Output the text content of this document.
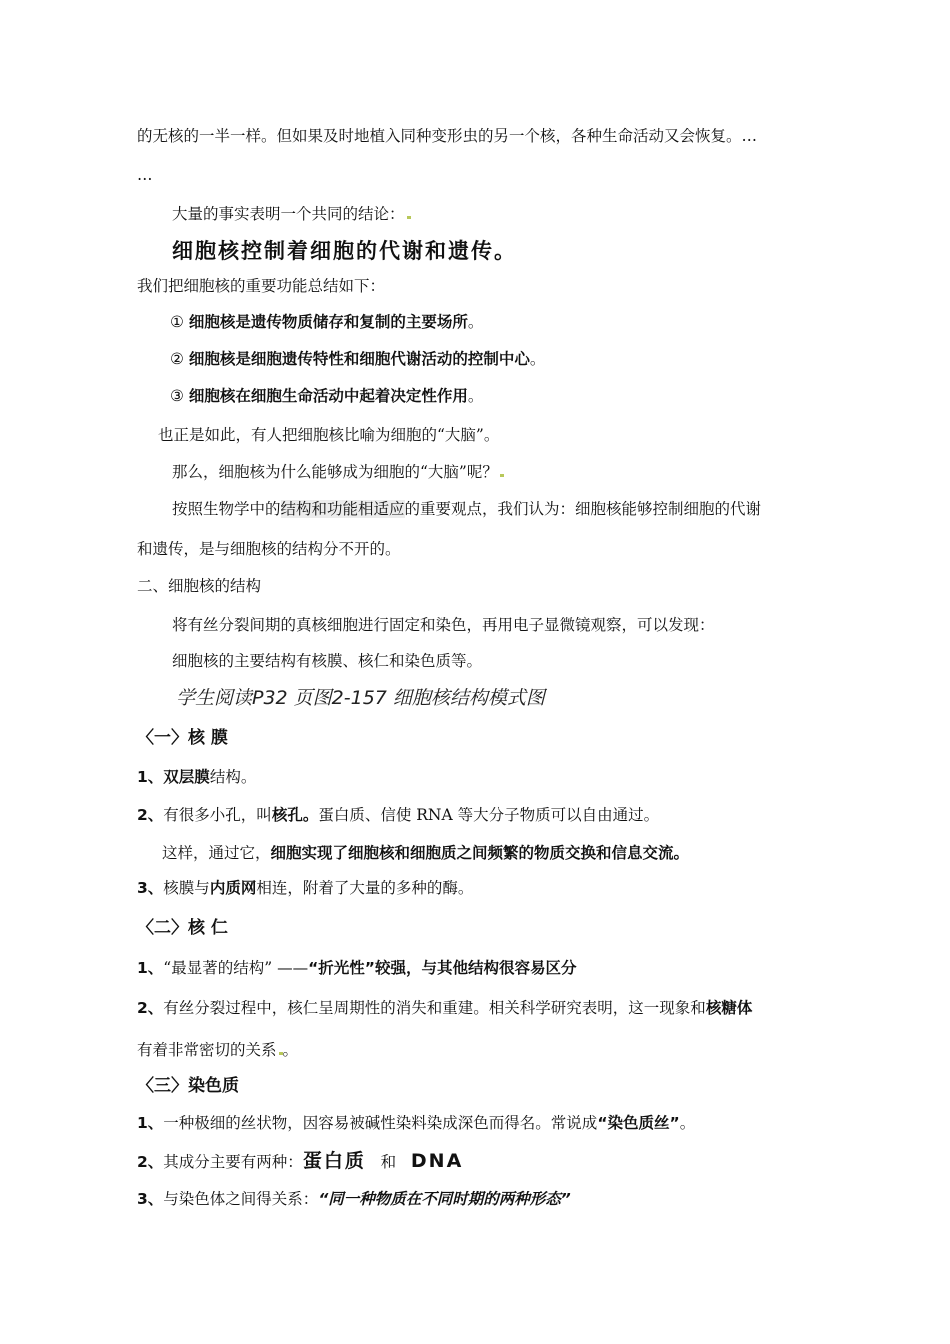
的无核的一半一样。但如果及时地植入同种变形虫的另一个核，各种生命活动又会恢复。…
…
大量的事实表明一个共同的结论：
细胞核控制着细胞的代谢和遗传。
我们把细胞核的重要功能总结如下：
① 细胞核是遗传物质储存和复制的主要场所。
② 细胞核是细胞遗传特性和细胞代谢活动的控制中心。
③ 细胞核在细胞生命活动中起着决定性作用。
也正是如此，有人把细胞核比喻为细胞的“大脑”。
那么，细胞核为什么能够成为细胞的“大脑”呢？
按照生物学中的结构和功能相适应的重要观点，我们认为：细胞核能够控制细胞的代谢
和遗传，是与细胞核的结构分不开的。
二、细胞核的结构
将有丝分裂间期的真核细胞进行固定和染色，再用电子显微镜观察，可以发现：
细胞核的主要结构有核膜、核仁和染色质等。
学生阅读P32 页图2-157 细胞核结构模式图
〈一〉核 膜
1、双层膜结构。
2、有很多小孔，叫核孔。蛋白质、信使 RNA 等大分子物质可以自由通过。
这样，通过它，细胞实现了细胞核和细胞质之间频繁的物质交换和信息交流。
3、核膜与内质网相连，附着了大量的多种的酶。
〈二〉核 仁
1、“最显著的结构” ——“折光性”较强，与其他结构很容易区分
2、有丝分裂过程中，核仁呈周期性的消失和重建。相关科学研究表明，这一现象和核糖体
有着非常密切的关系 。
〈三〉染色质
1、一种极细的丝状物，因容易被碱性染料染成深色而得名。常说成“染色质丝”。
2、其成分主要有两种：蛋白质 和 DNA
3、与染色体之间得关系：“同一种物质在不同时期的两种形态”
